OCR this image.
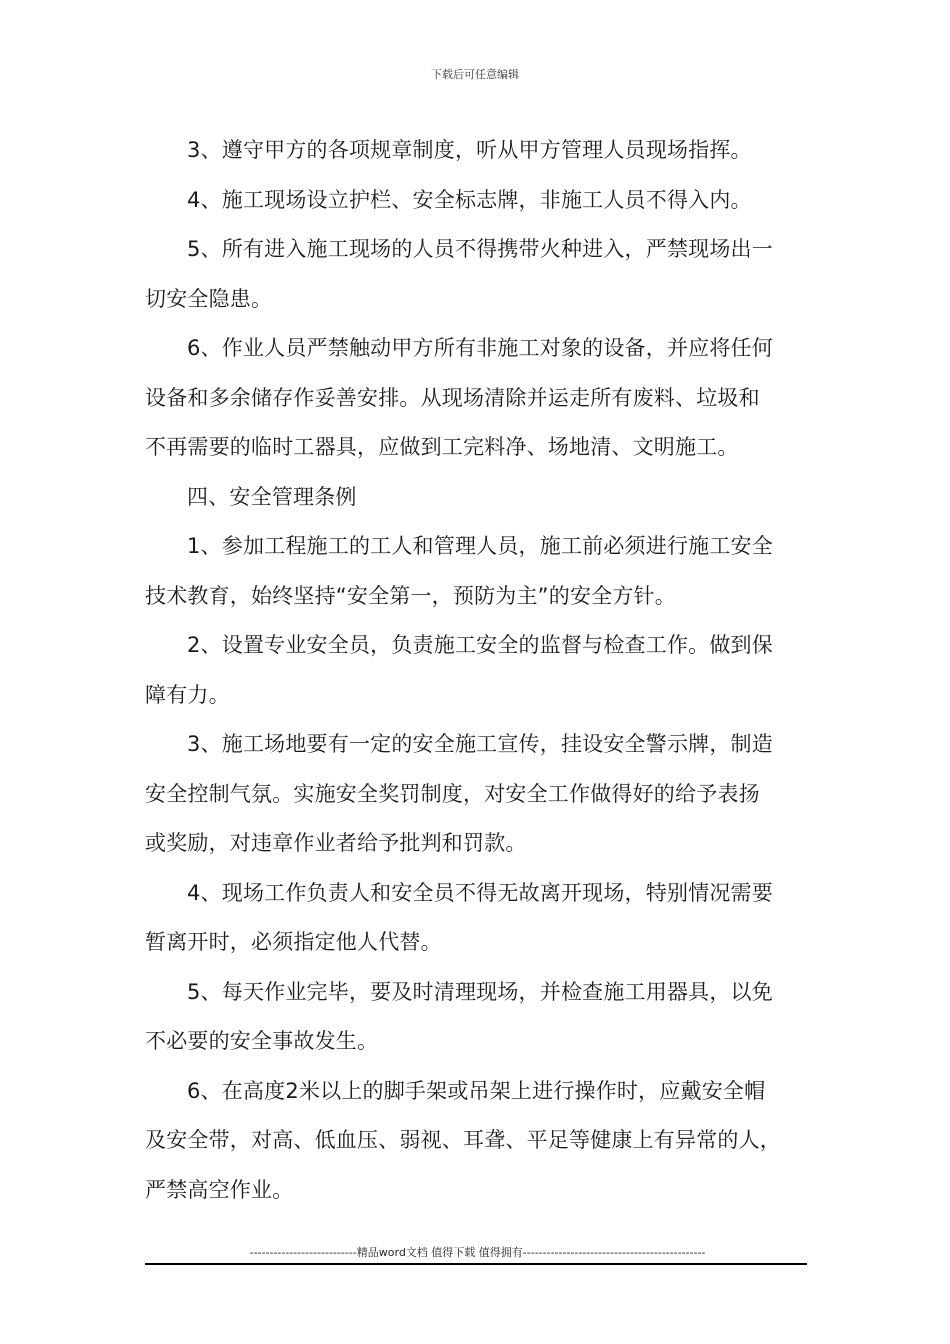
下载后可任意编辑
3、遵守甲方的各项规章制度，听从甲方管理人员现场指挥。
4、施工现场设立护栏、安全标志牌，非施工人员不得入内。
5、所有进入施工现场的人员不得携带火种进入，严禁现场出一
切安全隐患。
6、作业人员严禁触动甲方所有非施工对象的设备，并应将任何
设备和多余储存作妥善安排。从现场清除并运走所有废料、垃圾和
不再需要的临时工器具，应做到工完料净、场地清、文明施工。
四、安全管理条例
1、参加工程施工的工人和管理人员，施工前必须进行施工安全
技术教育，始终坚持“安全第一，预防为主”的安全方针。
2、设置专业安全员，负责施工安全的监督与检查工作。做到保
障有力。
3、施工场地要有一定的安全施工宣传，挂设安全警示牌，制造
安全控制气氛。实施安全奖罚制度，对安全工作做得好的给予表扬
或奖励，对违章作业者给予批判和罚款。
4、现场工作负责人和安全员不得无故离开现场，特别情况需要
暂离开时，必须指定他人代替。
5、每天作业完毕，要及时清理现场，并检查施工用器具，以免
不必要的安全事故发生。
6、在高度2米以上的脚手架或吊架上进行操作时，应戴安全帽
及安全带，对高、低血压、弱视、耳聋、平足等健康上有异常的人，
严禁高空作业。
---------------------------精品word文档 值得下载 值得拥有----------------------------------------------
